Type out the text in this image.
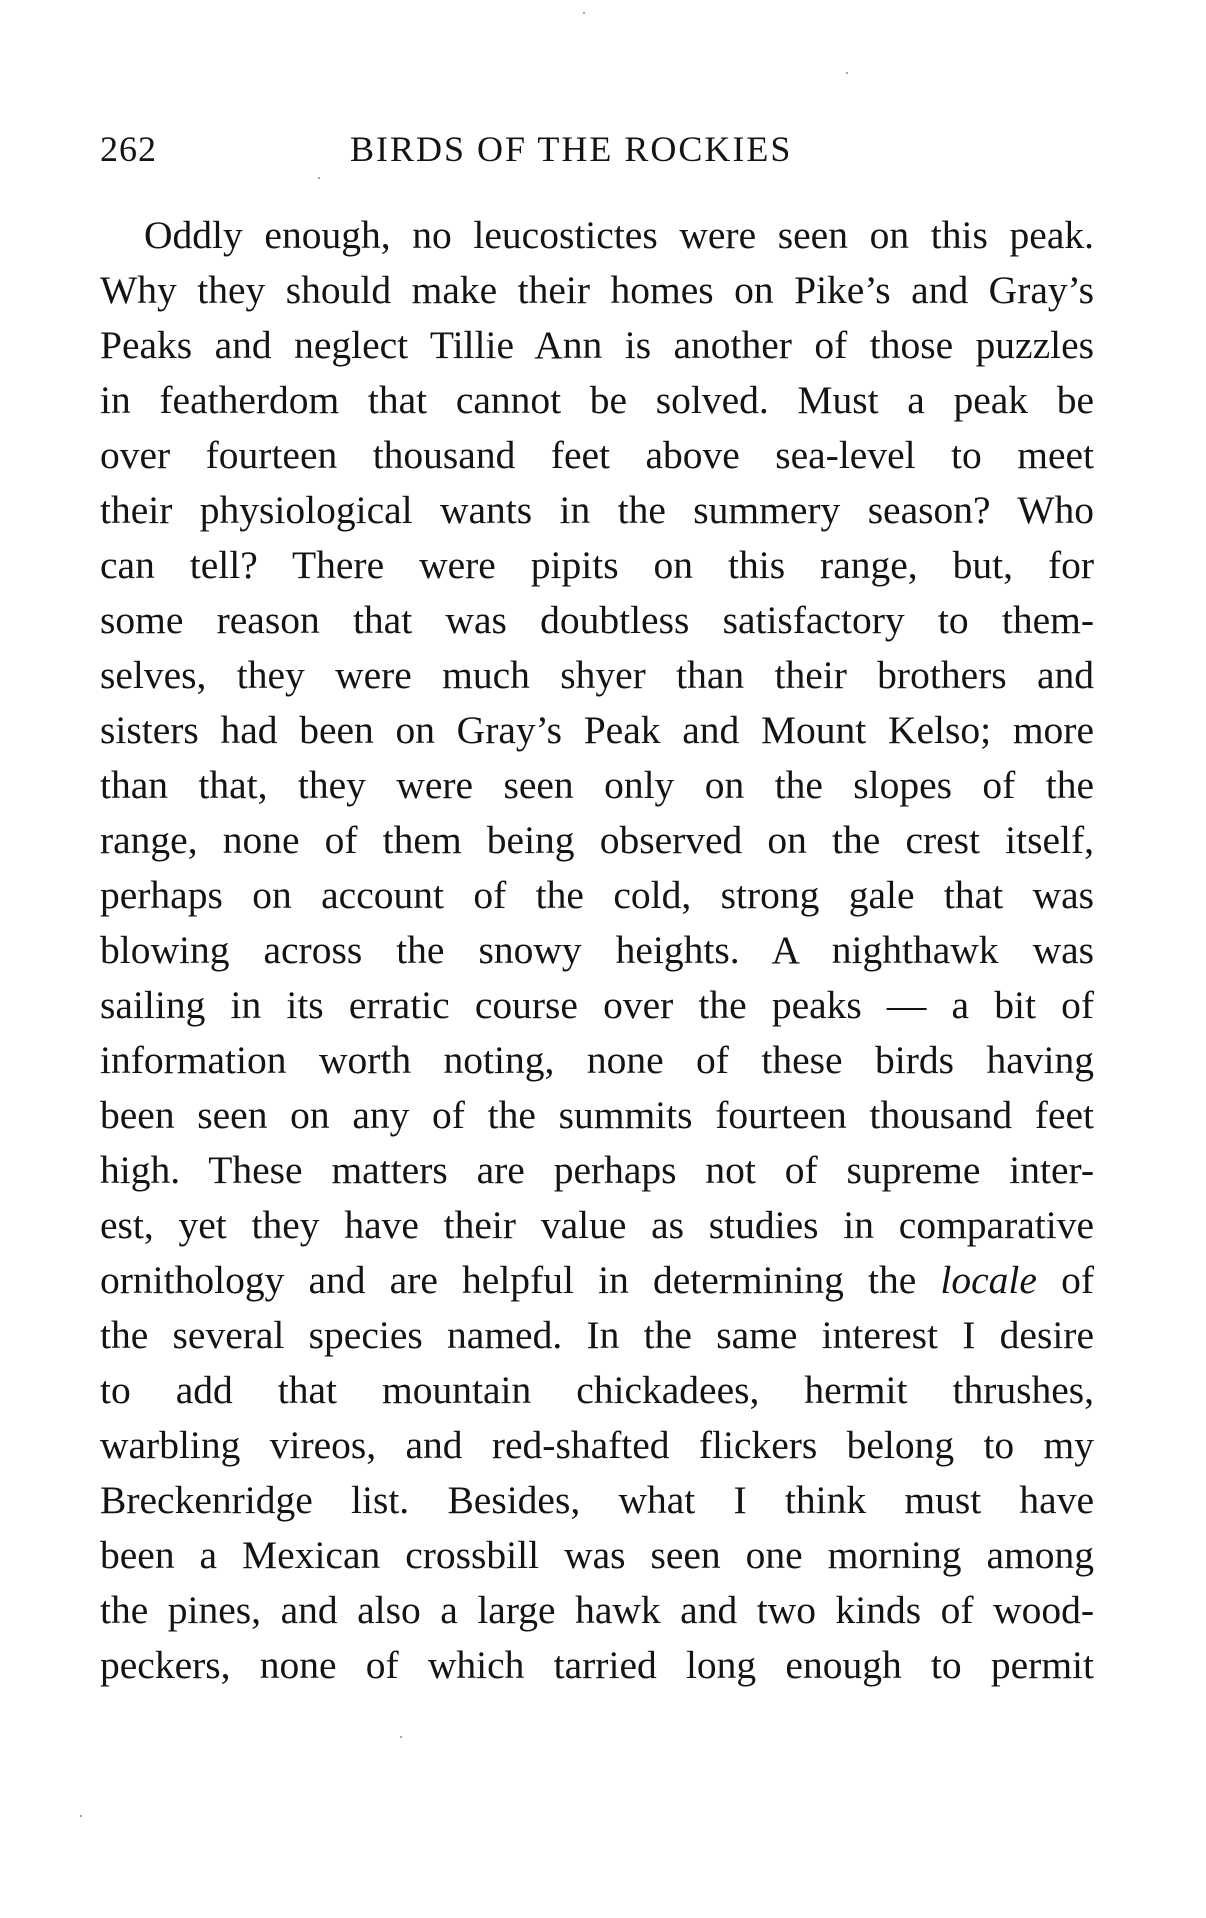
262	BIRDS OF THE ROCKIES
Oddly enough, no leucostictes were seen on this peak.
Why they should make their homes on Pike’s and Gray’s
Peaks and neglect Tillie Ann is another of those puzzles
in featherdom that cannot be solved. Must a peak be
over fourteen thousand feet above sea-level to meet
their physiological wants in the summery season? Who
can tell? There were pipits on this range, but, for
some reason that was doubtless satisfactory to them-
selves, they were much shyer than their brothers and
sisters had been on Gray’s Peak and Mount Kelso; more
than that, they were seen only on the slopes of the
range, none of them being observed on the crest itself,
perhaps on account of the cold, strong gale that was
blowing across the snowy heights. A nighthawk was
sailing in its erratic course over the peaks — a bit of
information worth noting, none of these birds having
been seen on any of the summits fourteen thousand feet
high. These matters are perhaps not of supreme inter-
est, yet they have their value as studies in comparative
ornithology and are helpful in determining the locale of
the several species named. In the same interest I desire
to add that mountain chickadees, hermit thrushes,
warbling vireos, and red-shafted flickers belong to my
Breckenridge list. Besides, what I think must have
been a Mexican crossbill was seen one morning among
the pines, and also a large hawk and two kinds of wood-
peckers, none of which tarried long enough to permit
